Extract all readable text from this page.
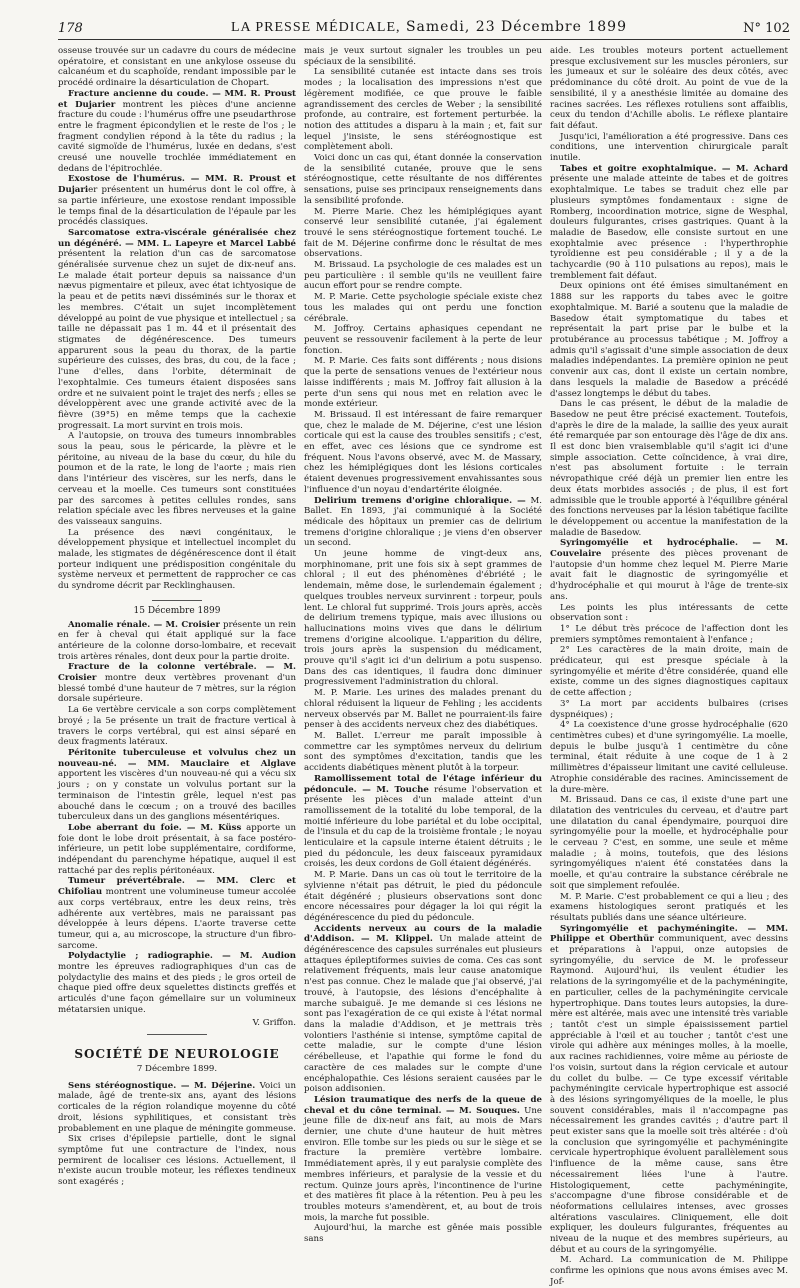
178	LA PRESSE MÉDICALE, Samedi, 23 Décembre 1899	N° 102

osseuse trouvée sur un cadavre du cours de médecine opératoire, et consistant en une ankylose osseuse du calcanéum et du scaphoïde, rendant impossible par le procédé ordinaire la désarticulation de Chopart.

Fracture ancienne du coude. — MM. R. Proust et Dujarier montrent les pièces d'une ancienne fracture du coude : l'humérus offre une pseudarthrose entre le fragment épicondylien et le reste de l'os ; le fragment condylien répond à la tête du radius ; la cavité sigmoïde de l'humérus, luxée en dedans, s'est creusé une nouvelle trochlée immédiatement en dedans de l'épitrochlée.

Exostose de l'humérus. — MM. R. Proust et Dujarier présentent un humérus dont le col offre, à sa partie inférieure, une exostose rendant impossible le temps final de la désarticulation de l'épaule par les procédés classiques.

Sarcomatose extra-viscérale généralisée chez un dégénéré. — MM. L. Lapeyre et Marcel Labbé présentent la relation d'un cas de sarcomatose généralisée survenue chez un sujet de dix-neuf ans. Le malade était porteur depuis sa naissance d'un nævus pigmentaire et pileux, avec état ichtyosique de la peau et de petits nævi disséminés sur le thorax et les membres. C'était un sujet incomplètement développé au point de vue physique et intellectuel ; sa taille ne dépassait pas 1 m. 44 et il présentait des stigmates de dégénérescence. Des tumeurs apparurent sous la peau du thorax, de la partie supérieure des cuisses, des bras, du cou, de la face ; l'une d'elles, dans l'orbite, déterminait de l'exophtalmie. Ces tumeurs étaient disposées sans ordre et ne suivaient point le trajet des nerfs ; elles se développèrent avec une grande activité avec de la fièvre (39°5) en même temps que la cachexie progressait. La mort survint en trois mois.

A l'autopsie, on trouva des tumeurs innombrables sous la peau, sous le péricarde, la plèvre et le péritoine, au niveau de la base du cœur, du hile du poumon et de la rate, le long de l'aorte ; mais rien dans l'intérieur des viscères, sur les nerfs, dans le cerveau et la moelle. Ces tumeurs sont constituées par des sarcomes à petites cellules rondes, sans relation spéciale avec les fibres nerveuses et la gaine des vaisseaux sanguins.

La présence des nævi congénitaux, le développement physique et intellectuel incomplet du malade, les stigmates de dégénérescence dont il était porteur indiquent une prédisposition congénitale du système nerveux et permettent de rapprocher ce cas du syndrome décrit par Recklinghausen.

15 Décembre 1899

Anomalie rénale. — M. Croisier présente un rein en fer à cheval qui était appliqué sur la face antérieure de la colonne dorso-lombaire, et recevait trois artères rénales, dont deux pour la partie droite.

Fracture de la colonne vertébrale. — M. Croisier montre deux vertèbres provenant d'un blessé tombé d'une hauteur de 7 mètres, sur la région dorsale supérieure.

La 6e vertèbre cervicale a son corps complètement broyé ; la 5e présente un trait de fracture vertical à travers le corps vertébral, qui est ainsi séparé en deux fragments latéraux.

Péritonite tuberculeuse et volvulus chez un nouveau-né. — MM. Mauclaire et Alglave apportent les viscères d'un nouveau-né qui a vécu six jours ; on y constate un volvulus portant sur la terminaison de l'intestin grêle, lequel n'est pas abouché dans le cœcum ; on a trouvé des bacilles tuberculeux dans un des ganglions mésentériques.

Lobe aberrant du foie. — M. Küss apporte un foie dont le lobe droit présentait, à sa face postéro-inférieure, un petit lobe supplémentaire, cordiforme, indépendant du parenchyme hépatique, auquel il est rattaché par des replis péritonéaux.

Tumeur prévertébrale. — MM. Clerc et Chifoliau montrent une volumineuse tumeur accolée aux corps vertébraux, entre les deux reins, très adhérente aux vertèbres, mais ne paraissant pas développée à leurs dépens. L'aorte traverse cette tumeur, qui a, au microscope, la structure d'un fibro-sarcome.

Polydactylie ; radiographie. — M. Audion montre les épreuves radiographiques d'un cas de polydactylie des mains et des pieds ; le gros orteil de chaque pied offre deux squelettes distincts greffés et articulés d'une façon gémellaire sur un volumineux métatarsien unique.

V. Griffon.
SOCIÉTÉ DE NEUROLOGIE
7 Décembre 1899.

Sens stéréognostique. — M. Déjerine. Voici un malade, âgé de trente-six ans, ayant des lésions corticales de la région rolandique moyenne du côté droit, lésions syphilitiques, et consistant très probablement en une plaque de méningite gommeuse.

Six crises d'épilepsie partielle, dont le signal symptôme fut une contracture de l'index, nous permirent de localiser ces lésions. Actuellement, il n'existe aucun trouble moteur, les réflexes tendineux sont exagérés ;

mais je veux surtout signaler les troubles un peu spéciaux de la sensibilité.

La sensibilité cutanée est intacte dans ses trois modes ; la localisation des impressions n'est que légèrement modifiée, ce que prouve le faible agrandissement des cercles de Weber ; la sensibilité profonde, au contraire, est fortement perturbée. la notion des attitudes a disparu à la main ; et, fait sur lequel j'insiste, le sens stéréognostique est complètement aboli.

Voici donc un cas qui, étant donnée la conservation de la sensibilité cutanée, prouve que le sens stéréognostique, cette résultante de nos différentes sensations, puise ses principaux renseignements dans la sensibilité profonde.

M. Pierre Marie. Chez les hémiplégiques ayant conservé leur sensibilité cutanée, j'ai également trouvé le sens stéréognostique fortement touché. Le fait de M. Déjerine confirme donc le résultat de mes observations.

M. Brissaud. La psychologie de ces malades est un peu particulière : il semble qu'ils ne veuillent faire aucun effort pour se rendre compte.

M. P. Marie. Cette psychologie spéciale existe chez tous les malades qui ont perdu une fonction cérébrale.

M. Joffroy. Certains aphasiques cependant ne peuvent se ressouvenir facilement à la perte de leur fonction.

M. P. Marie. Ces faits sont différents ; nous disions que la perte de sensations venues de l'extérieur nous laisse indifférents ; mais M. Joffroy fait allusion à la perte d'un sens qui nous met en relation avec le monde extérieur.

M. Brissaud. Il est intéressant de faire remarquer que, chez le malade de M. Déjerine, c'est une lésion corticale qui est la cause des troubles sensitifs ; c'est, en effet, avec ces lésions que ce syndrome est fréquent. Nous l'avons observé, avec M. de Massary, chez les hémiplégiques dont les lésions corticales étaient devenues progressivement envahissantes sous l'influence d'un noyau d'endartérite éloignée.

Delirium tremens d'origine chloralique. — M. Ballet. En 1893, j'ai communiqué à la Société médicale des hôpitaux un premier cas de delirium tremens d'origine chloralique ; je viens d'en observer un second.

Un jeune homme de vingt-deux ans, morphinomane, prit une fois six à sept grammes de chloral ; il eut des phénomènes d'ébriété ; le lendemain, même dose, le surlendemain également ; quelques troubles nerveux survinrent : torpeur, pouls lent. Le chloral fut supprimé. Trois jours après, accès de delirium tremens typique, mais avec illusions ou hallucinations moins vives que dans le délirium tremens d'origine alcoolique. L'apparition du délire, trois jours après la suspension du médicament, prouve qu'il s'agit ici d'un delirium a potu suspenso. Dans des cas identiques, il faudra donc diminuer progressivement l'administration du chloral.

M. P. Marie. Les urines des malades prenant du chloral réduisent la liqueur de Fehling ; les accidents nerveux observés par M. Ballet ne pourraient-ils faire penser à des accidents nerveux chez des diabétiques.

M. Ballet. L'erreur me paraît impossible à commettre car les symptômes nerveux du delirium sont des symptômes d'excitation, tandis que les accidents diabétiques mènent plutôt à la torpeur.

Ramollissement total de l'étage inférieur du pédoncule. — M. Touche résume l'observation et présente les pièces d'un malade atteint d'un ramollissement de la totalité du lobe temporal, de la moitié inférieure du lobe pariétal et du lobe occipital, de l'insula et du cap de la troisième frontale ; le noyau lenticulaire et la capsule interne étaient détruits ; le pied du pédoncule, les deux faisceaux pyramidaux croisés, les deux cordons de Goll étaient dégénérés.

M. P. Marie. Dans un cas où tout le territoire de la sylvienne n'était pas détruit, le pied du pédoncule était dégénéré ; plusieurs observations sont donc encore nécessaires pour dégager la loi qui régit la dégénérescence du pied du pédoncule.

Accidents nerveux au cours de la maladie d'Addison. — M. Klippel. Un malade atteint de dégénérescence des capsules surrénales eut plusieurs attaques épileptiformes suivies de coma. Ces cas sont relativement fréquents, mais leur cause anatomique n'est pas connue. Chez le malade que j'ai observé, j'ai trouvé, à l'autopsie, des lésions d'encéphalite à marche subaiguë. Je me demande si ces lésions ne sont pas l'exagération de ce qui existe à l'état normal dans la maladie d'Addison, et je mettrais très volontiers l'asthénie si intense, symptôme capital de cette maladie, sur le compte d'une lésion cérébelleuse, et l'apathie qui forme le fond du caractère de ces malades sur le compte d'une encéphalopathie. Ces lésions seraient causées par le poison addisonien.

Lésion traumatique des nerfs de la queue de cheval et du cône terminal. — M. Souques. Une jeune fille de dix-neuf ans fait, au mois de Mars dernier, une chute d'une hauteur de huit mètres environ. Elle tombe sur les pieds ou sur le siège et se fracture la première vertèbre lombaire. Immédiatement après, il y eut paralysie complète des membres inférieurs, et paralysie de la vessie et du rectum. Quinze jours après, l'incontinence de l'urine et des matières fit place à la rétention. Peu à peu les troubles moteurs s'amendèrent, et, au bout de trois mois, la marche fut possible.

Aujourd'hui, la marche est gênée mais possible sans

aide. Les troubles moteurs portent actuellement presque exclusivement sur les muscles péroniers, sur les jumeaux et sur le soléaire des deux côtés, avec prédominance du côté droit. Au point de vue de la sensibilité, il y a anesthésie limitée au domaine des racines sacrées. Les réflexes rotuliens sont affaiblis, ceux du tendon d'Achille abolis. Le réflexe plantaire fait défaut.

Jusqu'ici, l'amélioration a été progressive. Dans ces conditions, une intervention chirurgicale paraît inutile.

Tabes et goitre exophtalmique. — M. Achard présente une malade atteinte de tabes et de goitres exophtalmique. Le tabes se traduit chez elle par plusieurs symptômes fondamentaux : signe de Romberg, incoordination motrice, signe de Wesphal, douleurs fulgurantes, crises gastriques. Quant à la maladie de Basedow, elle consiste surtout en une exophtalmie avec présence : l'hyperthrophie tyroïdienne est peu considérable ; il y a de la tachycardie (90 à 110 pulsations au repos), mais le tremblement fait défaut.

Deux opinions ont été émises simultanément en 1888 sur les rapports du tabes avec le goitre exophtalmique. M. Barié a soutenu que la maladie de Basedow était symptomatique du tabes et représentait la part prise par le bulbe et la protubérance au processus tabétique ; M. Joffroy a admis qu'il s'agissait d'une simple association de deux maladies indépendantes. La première opinion ne peut convenir aux cas, dont il existe un certain nombre, dans lesquels la maladie de Basedow a précédé d'assez longtemps le début du tabes.

Dans le cas présent, le début de la maladie de Basedow ne peut être précisé exactement. Toutefois, d'après le dire de la malade, la saillie des yeux aurait été remarquée par son entourage dès l'âge de dix ans. Il est donc bien vraisemblable qu'il s'agit ici d'une simple association. Cette coïncidence, à vrai dire, n'est pas absolument fortuite : le terrain névropathique créé déjà un premier lien entre les deux états morbides associés ; de plus, il est fort admissible que le trouble apporté à l'équilibre général des fonctions nerveuses par la lésion tabétique facilite le développement ou accentue la manifestation de la maladie de Basedow.

Syringomyélie et hydrocéphalie. — M. Couvelaire présente des pièces provenant de l'autopsie d'un homme chez lequel M. Pierre Marie avait fait le diagnostic de syringomyélie et d'hydrocéphalie et qui mourut à l'âge de trente-six ans.

Les points les plus intéressants de cette observation sont :

1° Le début très précoce de l'affection dont les premiers symptômes remontaient à l'enfance ;

2° Les caractères de la main droite, main de prédicateur, qui est presque spéciale à la syringomyélie et mérite d'être considérée, quand elle existe, comme un des signes diagnostiques capitaux de cette affection ;

3° La mort par accidents bulbaires (crises dyspnéiques) ;

4° La coexistence d'une grosse hydrocéphalie (620 centimètres cubes) et d'une syringomyélie. La moelle, depuis le bulbe jusqu'à 1 centimètre du cône terminal, était réduite à une coque de 1 à 2 millimètres d'épaisseur limitant une cavité celluleuse. Atrophie considérable des racines. Amincissement de la dure-mère.

M. Brissaud. Dans ce cas, il existe d'une part une dilatation des ventricules du cerveau, et d'autre part une dilatation du canal épendymaire, pourquoi dire syringomyélie pour la moelle, et hydrocéphalie pour le cerveau ? C'est, en somme, une seule et même maladie ; à moins, toutefois, que des lésions syringomyéliques n'aient été constatées dans la moelle, et qu'au contraire la substance cérébrale ne soit que simplement refoulée.

M. P. Marie. C'est probablement ce qui a lieu ; des examens histologiques seront pratiqués et les résultats publiés dans une séance ultérieure.

Syringomyélie et pachyméningite. — MM. Philippe et Oberthür communiquent, avec dessins et préparations à l'appui, onze autopsies de syringomyélie, du service de M. le professeur Raymond. Aujourd'hui, ils veulent étudier les relations de la syringomyélie et de la pachyméningite, en particulier, celles de la pachyméningite cervicale hypertrophique. Dans toutes leurs autopsies, la dure-mère est altérée, mais avec une intensité très variable ; tantôt c'est un simple épaississement partiel appréciable à l'œil et au toucher ; tantôt c'est une virole qui adhère aux méninges molles, à la moelle, aux racines rachidiennes, voire même au périoste de l'os voisin, surtout dans la région cervicale et autour du collet du bulbe. — Ce type excessif véritable pachyméningite cervicale hypertrophique est associé à des lésions syringomyéliques de la moelle, le plus souvent considérables, mais il n'accompagne pas nécessairement les grandes cavités ; d'autre part il peut exister sans que la moelle soit très altérée : d'où la conclusion que syringomyélie et pachyméningite cervicale hypertrophique évoluent parallèlement sous l'influence de la même cause, sans être nécessairement liées l'une à l'autre. Histologiquement, cette pachyméningite, s'accompagne d'une fibrose considérable et de néoformations cellulaires intenses, avec grosses altérations vasculaires. Cliniquement, elle doit expliquer, les douleurs fulgurantes, fréquentes au niveau de la nuque et des membres supérieurs, au début et au cours de la syringomyélie.

M. Achard. La communication de M. Philippe confirme les opinions que nous avons émises avec M. Jof-
